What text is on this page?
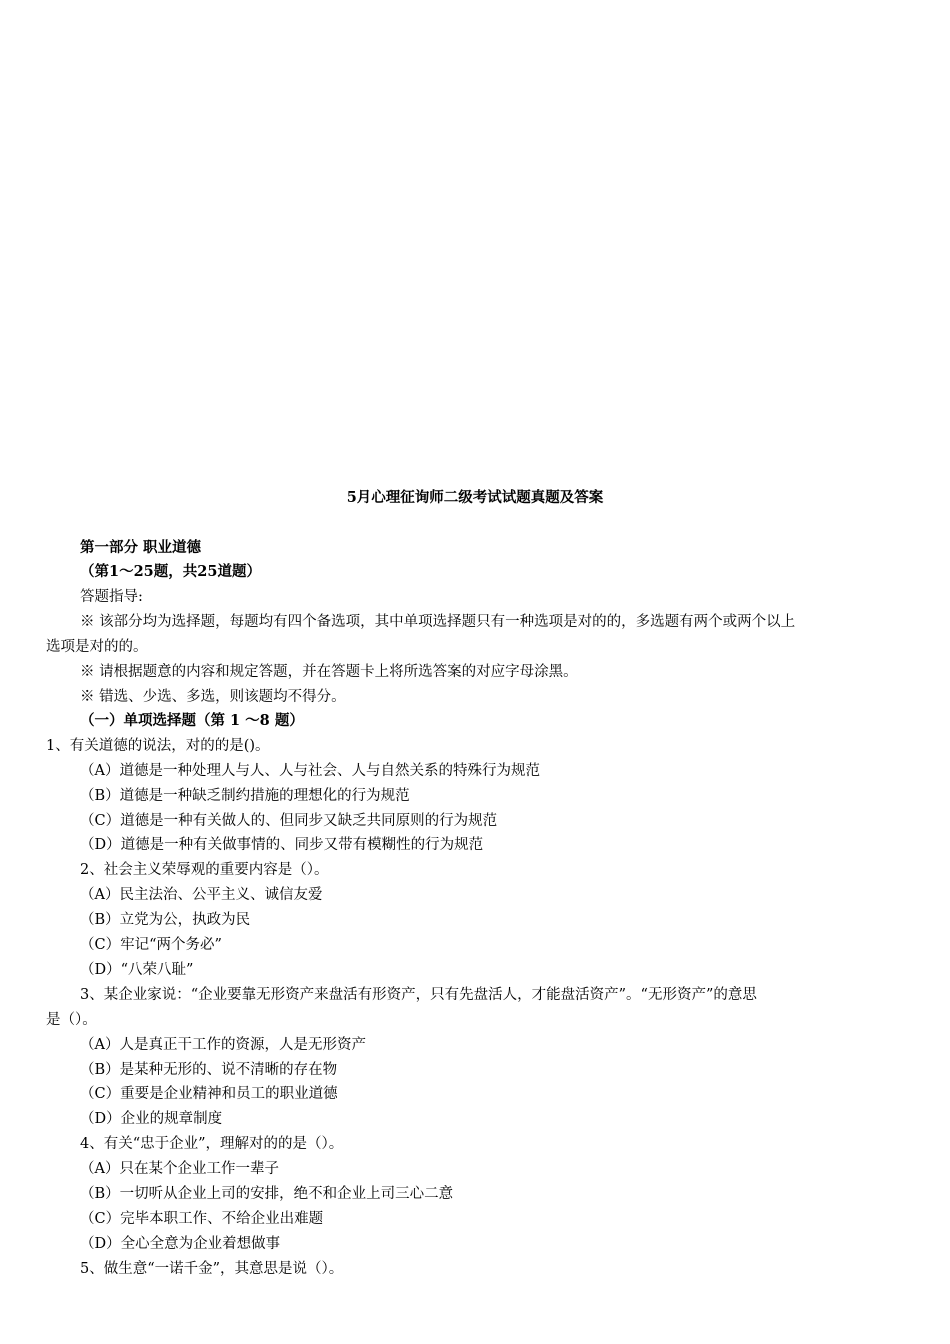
5月心理征询师二级考试试题真题及答案
第一部分 职业道德
（第1～25题，共25道题）
答题指导:
※ 该部分均为选择题，每题均有四个备选项，其中单项选择题只有一种选项是对的的，多选题有两个或两个以上
选项是对的的。
※ 请根据题意的内容和规定答题，并在答题卡上将所选答案的对应字母涂黑。
※ 错选、少选、多选，则该题均不得分。
（一）单项选择题（第 1 ～8 题）
1、有关道德的说法，对的的是()。
（A）道德是一种处理人与人、人与社会、人与自然关系的特殊行为规范
（B）道德是一种缺乏制约措施的理想化的行为规范
（C）道德是一种有关做人的、但同步又缺乏共同原则的行为规范
（D）道德是一种有关做事情的、同步又带有模糊性的行为规范
2、社会主义荣辱观的重要内容是（）。
（A）民主法治、公平主义、诚信友爱
（B）立党为公，执政为民
（C）牢记“两个务必”
（D）“八荣八耻”
3、某企业家说：“企业要靠无形资产来盘活有形资产，只有先盘活人，才能盘活资产”。“无形资产”的意思
是（）。
（A）人是真正干工作的资源，人是无形资产
（B）是某种无形的、说不清晰的存在物
（C）重要是企业精神和员工的职业道德
（D）企业的规章制度
4、有关“忠于企业”，理解对的的是（）。
（A）只在某个企业工作一辈子
（B）一切听从企业上司的安排，绝不和企业上司三心二意
（C）完毕本职工作、不给企业出难题
（D）全心全意为企业着想做事
5、做生意“一诺千金”，其意思是说（）。
